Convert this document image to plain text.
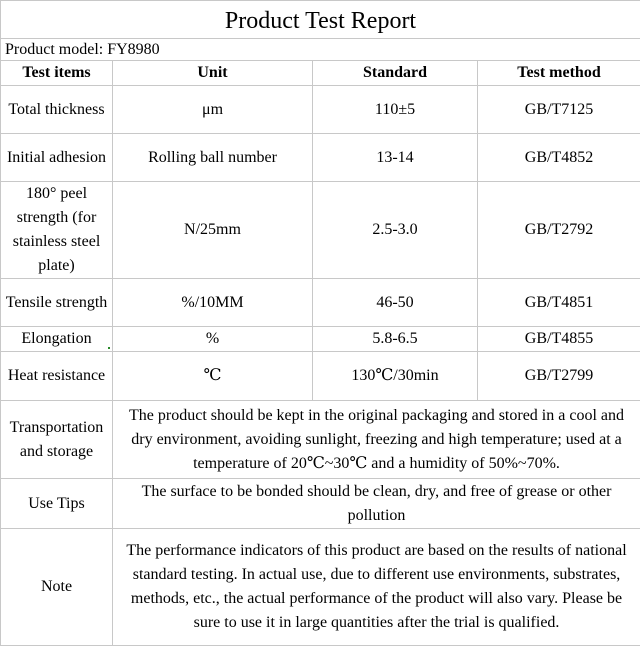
Product Test Report			
Product model: FY8980			
Test items	Unit	Standard	Test method
Total thickness	μm	110±5	GB/T7125
Initial adhesion	Rolling ball number	13-14	GB/T4852
180° peel strength (for stainless steel plate)	N/25mm	2.5-3.0	GB/T2792
Tensile strength	%/10MM	46-50	GB/T4851
Elongation	%	5.8-6.5	GB/T4855
Heat resistance	℃	130℃/30min	GB/T2799
Transportation and storage	The product should be kept in the original packaging and stored in a cool and dry environment, avoiding sunlight, freezing and high temperature; used at a temperature of 20℃~30℃ and a humidity of 50%~70%.		
Use Tips	The surface to be bonded should be clean, dry, and free of grease or other pollution		
Note	The performance indicators of this product are based on the results of national standard testing. In actual use, due to different use environments, substrates, methods, etc., the actual performance of the product will also vary. Please be sure to use it in large quantities after the trial is qualified.		
